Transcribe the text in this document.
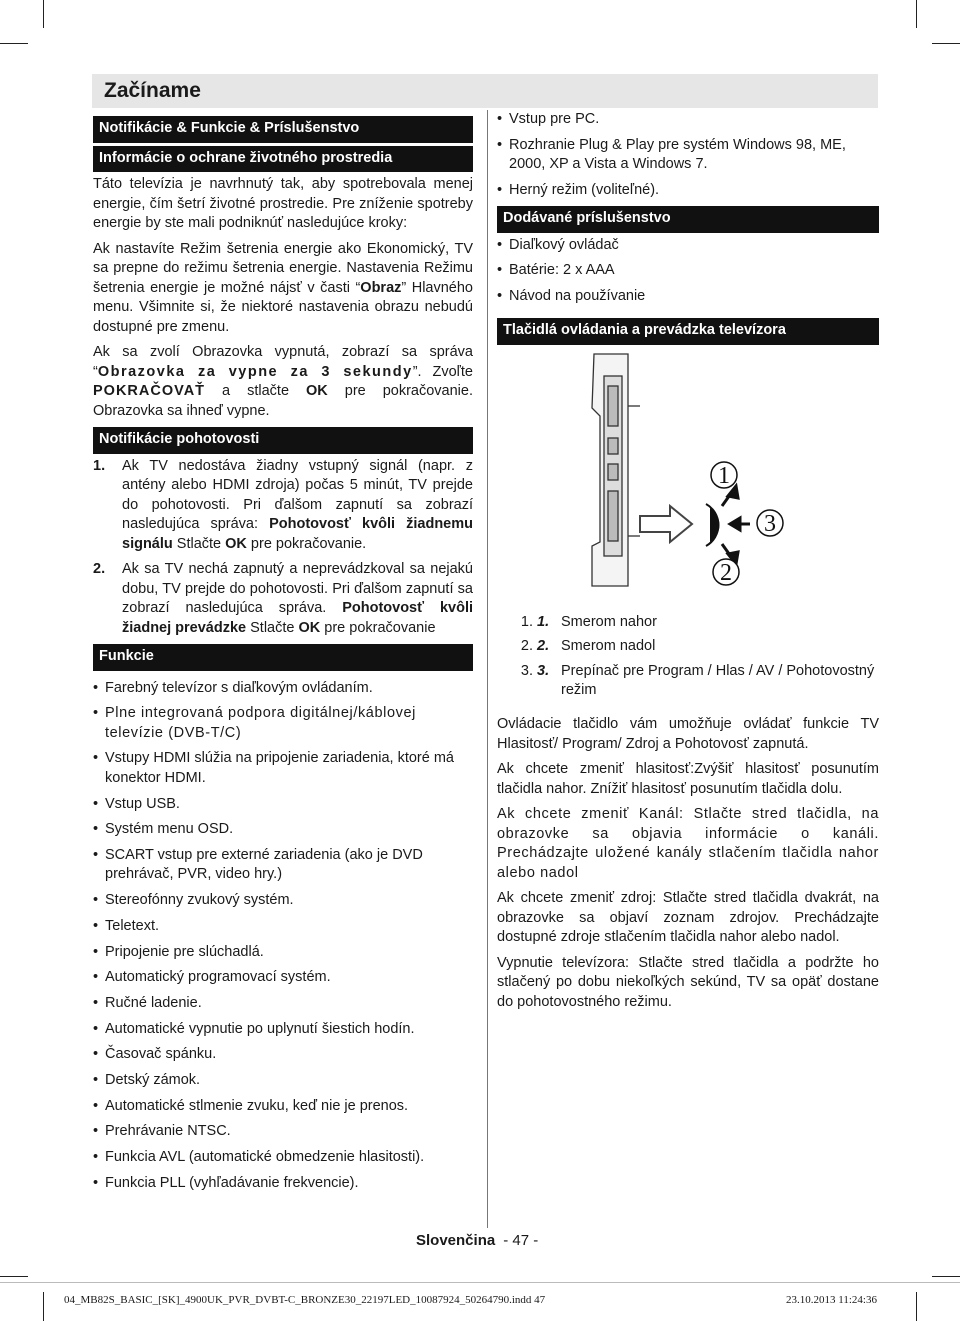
Začíname
Notifikácie & Funkcie & Príslušenstvo
Informácie o ochrane životného prostredia

Táto televízia je navrhnutý tak, aby spotrebovala menej energie, čím šetrí životné prostredie. Pre zníženie spotreby energie by ste mali podniknúť nasledujúce kroky:

Ak nastavíte Režim šetrenia energie ako Ekonomický, TV sa prepne do režimu šetrenia energie. Nastavenia Režimu šetrenia energie je možné nájsť v časti “Obraz” Hlavného menu. Všimnite si, že niektoré nastavenia obrazu nebudú dostupné pre zmenu.

Ak sa zvolí Obrazovka vypnutá, zobrazí sa správa “Obrazovka za vypne za 3 sekundy”. Zvoľte POKRAČOVAŤ a stlačte OK pre pokračovanie. Obrazovka sa ihneď vypne.

Notifikácie pohotovosti
1. Ak TV nedostáva žiadny vstupný signál (napr. z antény alebo HDMI zdroja) počas 5 minút, TV prejde do pohotovosti. Pri ďalšom zapnutí sa zobrazí nasledujúca správa: Pohotovosť kvôli žiadnemu signálu Stlačte OK pre pokračovanie.
2. Ak sa TV nechá zapnutý a neprevádzkoval sa nejakú dobu, TV prejde do pohotovosti. Pri ďalšom zapnutí sa zobrazí nasledujúca správa. Pohotovosť kvôli žiadnej prevádzke Stlačte OK pre pokračovanie
Funkcie
• Farebný televízor s diaľkovým ovládaním.
• Plne integrovaná podpora digitálnej/káblovej televízie (DVB-T/C)
• Vstupy HDMI slúžia na pripojenie zariadenia, ktoré má konektor HDMI.
• Vstup USB.
• Systém menu OSD.
• SCART vstup pre externé zariadenia (ako je DVD prehrávač, PVR, video hry.)
• Stereofónny zvukový systém.
• Teletext.
• Pripojenie pre slúchadlá.
• Automatický programovací systém.
• Ručné ladenie.
• Automatické vypnutie po uplynutí šiestich hodín.
• Časovač spánku.
• Detský zámok.
• Automatické stlmenie zvuku, keď nie je prenos.
• Prehrávanie NTSC.
• Funkcia AVL (automatické obmedzenie hlasitosti).
• Funkcia PLL (vyhľadávanie frekvencie).
• Vstup pre PC.
• Rozhranie Plug & Play pre systém Windows 98, ME, 2000, XP a Vista a Windows 7.
• Herný režim (voliteľné).
Dodávané príslušenstvo
• Diaľkový ovládač
• Batérie: 2 x AAA
• Návod na používanie
Tlačidlá ovládania a prevádzka televízora
1
2
3
1. 1. Smerom nahor
2. 2. Smerom nadol
3. 3. Prepínač pre Program / Hlas / AV / Pohotovostný režim

Ovládacie tlačidlo vám umožňuje ovládať funkcie TV Hlasitosť/ Program/ Zdroj a Pohotovosť zapnutá.

Ak chcete zmeniť hlasitosť:Zvýšiť hlasitosť posunutím tlačidla nahor. Znížiť hlasitosť posunutím tlačidla dolu.

Ak chcete zmeniť Kanál: Stlačte stred tlačidla, na obrazovke sa objavia informácie o kanáli. Prechádzajte uložené kanály stlačením tlačidla nahor alebo nadol

Ak chcete zmeniť zdroj: Stlačte stred tlačidla dvakrát, na obrazovke sa objaví zoznam zdrojov. Prechádzajte dostupné zdroje stlačením tlačidla nahor alebo nadol.

Vypnutie televízora: Stlačte stred tlačidla a podržte ho stlačený po dobu niekoľkých sekúnd, TV sa opäť dostane do pohotovostného režimu.

Slovenčina - 47 -
04_MB82S_BASIC_[SK]_4900UK_PVR_DVBT-C_BRONZE30_22197LED_10087924_50264790.indd 47	23.10.2013 11:24:36
